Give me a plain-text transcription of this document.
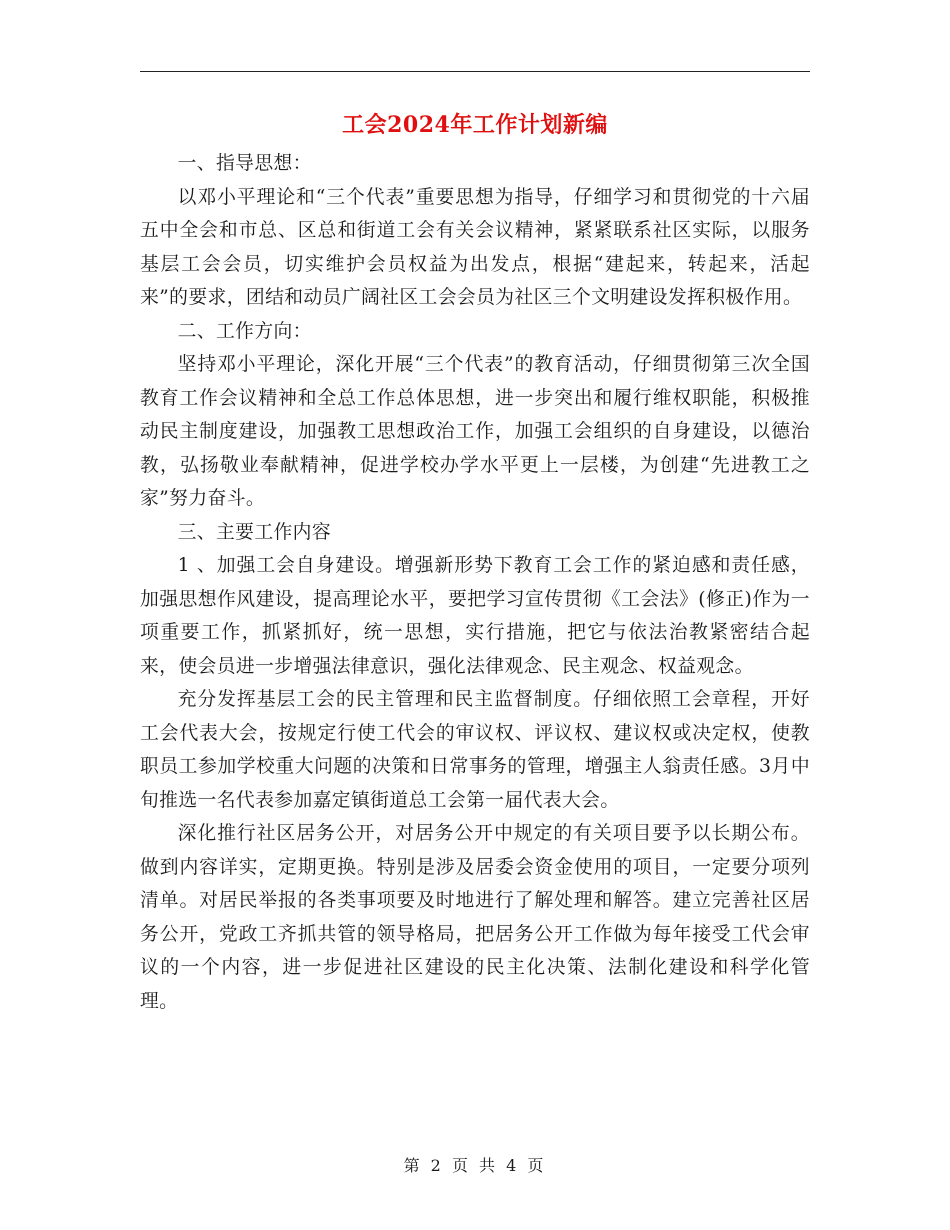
工会2024年工作计划新编

一、指导思想：

以邓小平理论和“三个代表”重要思想为指导，仔细学习和贯彻党的十六届五中全会和市总、区总和街道工会有关会议精神，紧紧联系社区实际，以服务基层工会会员，切实维护会员权益为出发点，根据“建起来，转起来，活起来”的要求，团结和动员广阔社区工会会员为社区三个文明建设发挥积极作用。

二、工作方向：

坚持邓小平理论，深化开展“三个代表”的教育活动，仔细贯彻第三次全国教育工作会议精神和全总工作总体思想，进一步突出和履行维权职能，积极推动民主制度建设，加强教工思想政治工作，加强工会组织的自身建设，以德治教，弘扬敬业奉献精神，促进学校办学水平更上一层楼，为创建“先进教工之家”努力奋斗。

三、主要工作内容

1 、加强工会自身建设。增强新形势下教育工会工作的紧迫感和责任感，加强思想作风建设，提高理论水平，要把学习宣传贯彻《工会法》(修正)作为一项重要工作，抓紧抓好，统一思想，实行措施，把它与依法治教紧密结合起来，使会员进一步增强法律意识，强化法律观念、民主观念、权益观念。

充分发挥基层工会的民主管理和民主监督制度。仔细依照工会章程，开好工会代表大会，按规定行使工代会的审议权、评议权、建议权或决定权，使教职员工参加学校重大问题的决策和日常事务的管理，增强主人翁责任感。3月中旬推选一名代表参加嘉定镇街道总工会第一届代表大会。

深化推行社区居务公开，对居务公开中规定的有关项目要予以长期公布。做到内容详实，定期更换。特别是涉及居委会资金使用的项目，一定要分项列清单。对居民举报的各类事项要及时地进行了解处理和解答。建立完善社区居务公开，党政工齐抓共管的领导格局，把居务公开工作做为每年接受工代会审议的一个内容，进一步促进社区建设的民主化决策、法制化建设和科学化管理。

第 2 页 共 4 页
